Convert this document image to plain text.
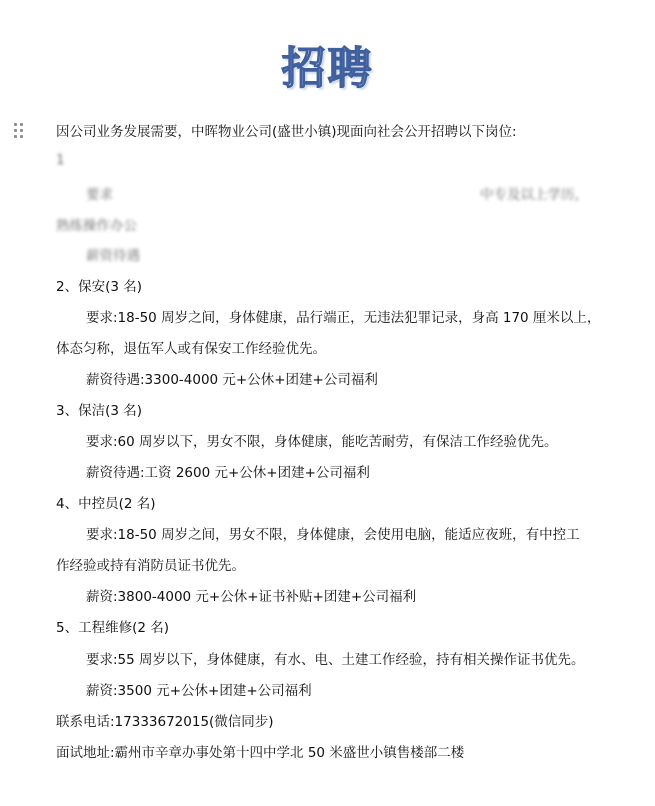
招聘
因公司业务发展需要，中晖物业公司(盛世小镇)现面向社会公开招聘以下岗位:
1
要求	中专及以上学历，
熟练操作办公
薪资待遇
2、保安(3 名)
要求:18-50 周岁之间，身体健康，品行端正，无违法犯罪记录，身高 170 厘米以上，
体态匀称，退伍军人或有保安工作经验优先。
薪资待遇:3300-4000 元+公休+团建+公司福利
3、保洁(3 名)
要求:60 周岁以下，男女不限，身体健康，能吃苦耐劳，有保洁工作经验优先。
薪资待遇:工资 2600 元+公休+团建+公司福利
4、中控员(2 名)
要求:18-50 周岁之间，男女不限，身体健康，会使用电脑，能适应夜班，有中控工
作经验或持有消防员证书优先。
薪资:3800-4000 元+公休+证书补贴+团建+公司福利
5、工程维修(2 名)
要求:55 周岁以下，身体健康，有水、电、土建工作经验，持有相关操作证书优先。
薪资:3500 元+公休+团建+公司福利
联系电话:17333672015(微信同步)
面试地址:霸州市辛章办事处第十四中学北 50 米盛世小镇售楼部二楼
